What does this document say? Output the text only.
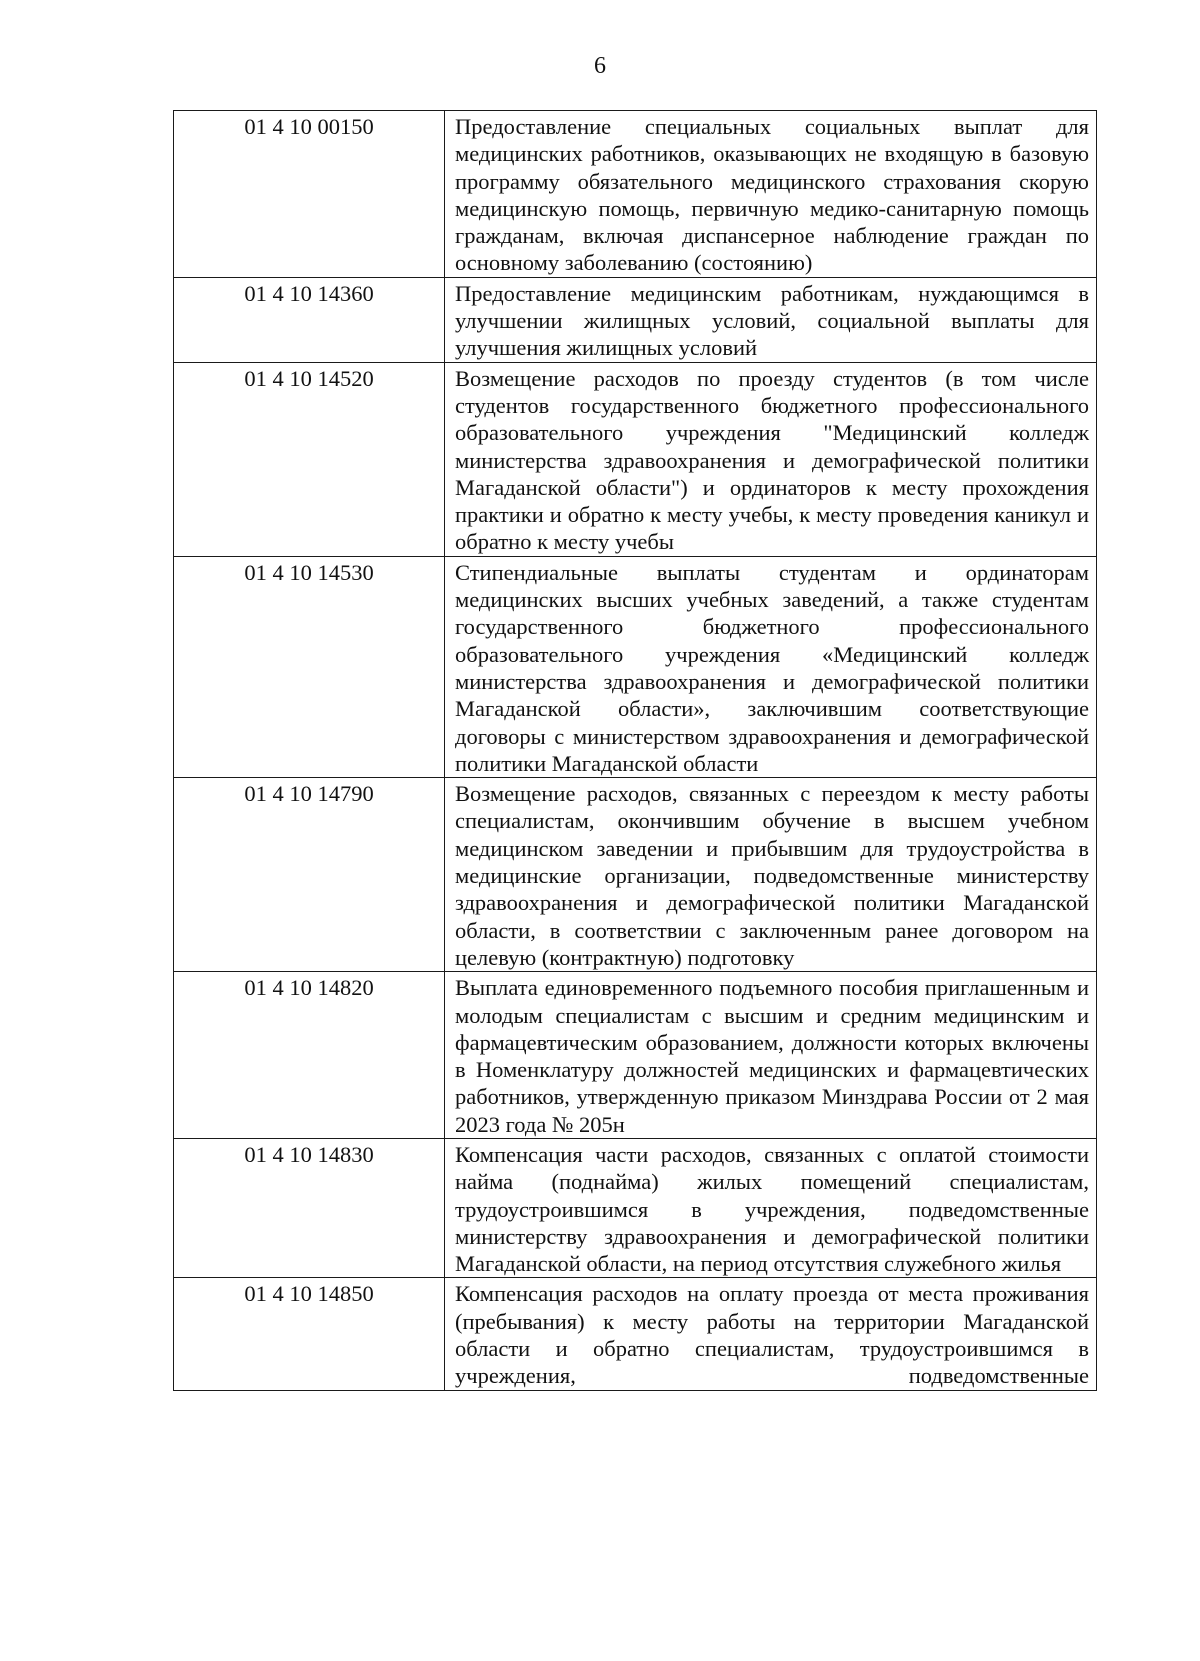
6
01 4 10 00150	Предоставление специальных социальных выплат для медицинских работников, оказывающих не входящую в базовую программу обязательного медицинского страхования скорую медицинскую помощь, первичную медико-санитарную помощь гражданам, включая диспансерное наблюдение граждан по основному заболеванию (состоянию)

01 4 10 14360	Предоставление медицинским работникам, нуждающимся в улучшении жилищных условий, социальной выплаты для улучшения жилищных условий

01 4 10 14520	Возмещение расходов по проезду студентов (в том числе студентов государственного бюджетного профессионального образовательного учреждения "Медицинский колледж министерства здравоохранения и демографической политики Магаданской области") и ординаторов к месту прохождения практики и обратно к месту учебы, к месту проведения каникул и обратно к месту учебы

01 4 10 14530	Стипендиальные выплаты студентам и ординаторам медицинских высших учебных заведений, а также студентам государственного бюджетного профессионального образовательного учреждения «Медицинский колледж министерства здравоохранения и демографической политики Магаданской области», заключившим соответствующие договоры с министерством здравоохранения и демографической политики Магаданской области

01 4 10 14790	Возмещение расходов, связанных с переездом к месту работы специалистам, окончившим обучение в высшем учебном медицинском заведении и прибывшим для трудоустройства в медицинские организации, подведомственные министерству здравоохранения и демографической политики Магаданской области, в соответствии с заключенным ранее договором на целевую (контрактную) подготовку

01 4 10 14820	Выплата единовременного подъемного пособия приглашенным и молодым специалистам с высшим и средним медицинским и фармацевтическим образованием, должности которых включены в Номенклатуру должностей медицинских и фармацевтических работников, утвержденную приказом Минздрава России от 2 мая 2023 года № 205н

01 4 10 14830	Компенсация части расходов, связанных с оплатой стоимости найма (поднайма) жилых помещений специалистам, трудоустроившимся в учреждения, подведомственные министерству здравоохранения и демографической политики Магаданской области, на период отсутствия служебного жилья

01 4 10 14850	Компенсация расходов на оплату проезда от места проживания (пребывания) к месту работы на территории Магаданской области и обратно специалистам, трудоустроившимся в учреждения, подведомственные
